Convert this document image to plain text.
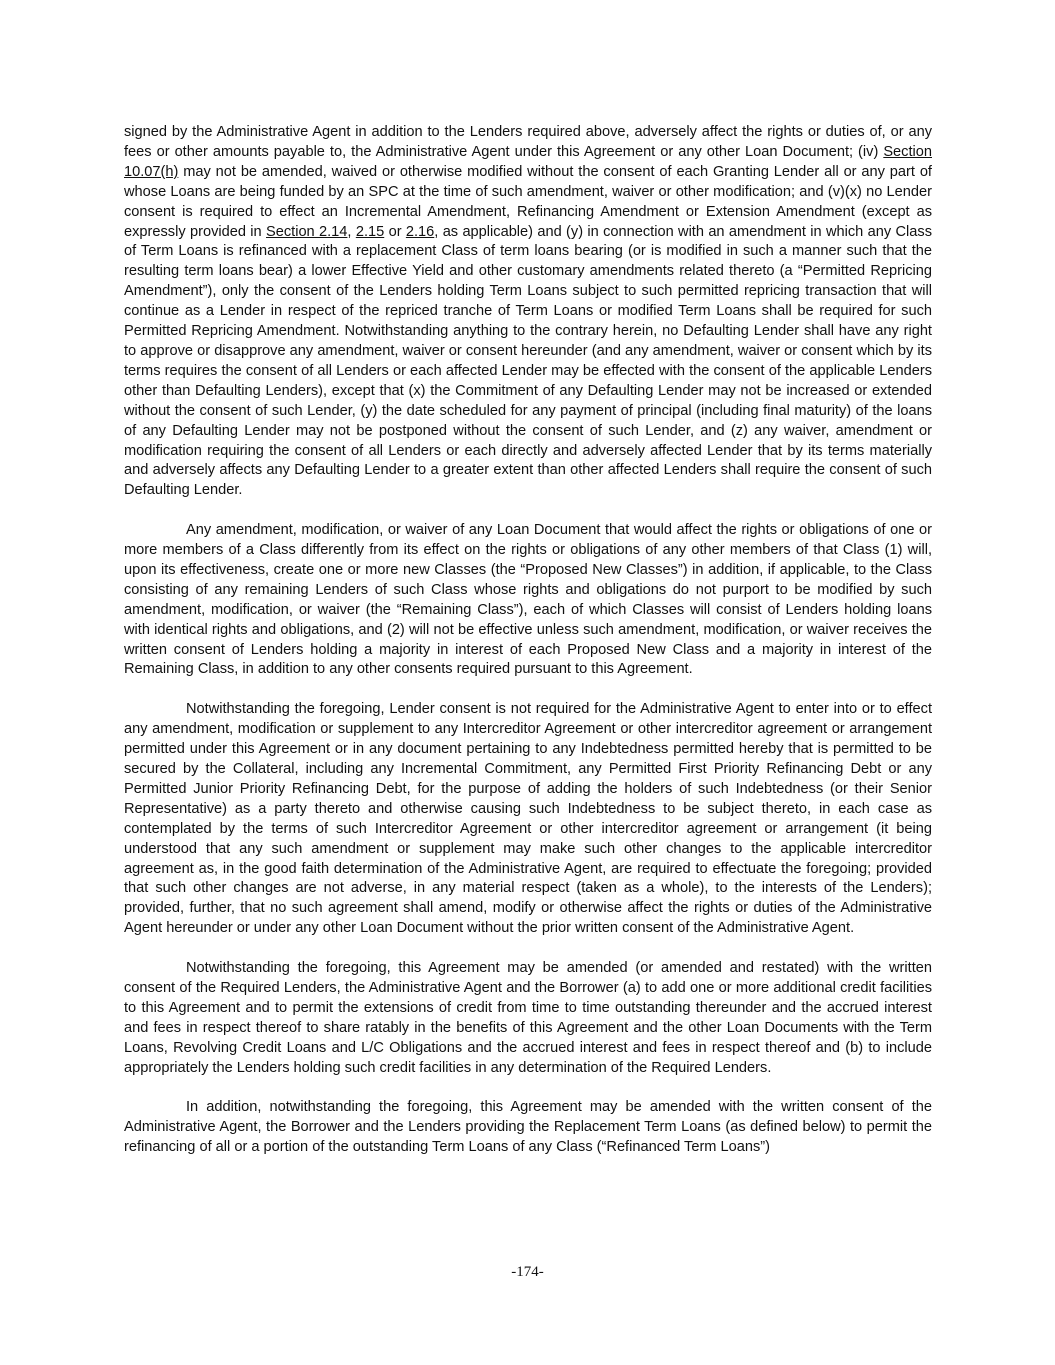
signed by the Administrative Agent in addition to the Lenders required above, adversely affect the rights or duties of, or any fees or other amounts payable to, the Administrative Agent under this Agreement or any other Loan Document; (iv) Section 10.07(h) may not be amended, waived or otherwise modified without the consent of each Granting Lender all or any part of whose Loans are being funded by an SPC at the time of such amendment, waiver or other modification; and (v)(x) no Lender consent is required to effect an Incremental Amendment, Refinancing Amendment or Extension Amendment (except as expressly provided in Section 2.14, 2.15 or 2.16, as applicable) and (y) in connection with an amendment in which any Class of Term Loans is refinanced with a replacement Class of term loans bearing (or is modified in such a manner such that the resulting term loans bear) a lower Effective Yield and other customary amendments related thereto (a “Permitted Repricing Amendment”), only the consent of the Lenders holding Term Loans subject to such permitted repricing transaction that will continue as a Lender in respect of the repriced tranche of Term Loans or modified Term Loans shall be required for such Permitted Repricing Amendment. Notwithstanding anything to the contrary herein, no Defaulting Lender shall have any right to approve or disapprove any amendment, waiver or consent hereunder (and any amendment, waiver or consent which by its terms requires the consent of all Lenders or each affected Lender may be effected with the consent of the applicable Lenders other than Defaulting Lenders), except that (x) the Commitment of any Defaulting Lender may not be increased or extended without the consent of such Lender, (y) the date scheduled for any payment of principal (including final maturity) of the loans of any Defaulting Lender may not be postponed without the consent of such Lender, and (z) any waiver, amendment or modification requiring the consent of all Lenders or each directly and adversely affected Lender that by its terms materially and adversely affects any Defaulting Lender to a greater extent than other affected Lenders shall require the consent of such Defaulting Lender.

Any amendment, modification, or waiver of any Loan Document that would affect the rights or obligations of one or more members of a Class differently from its effect on the rights or obligations of any other members of that Class (1) will, upon its effectiveness, create one or more new Classes (the “Proposed New Classes”) in addition, if applicable, to the Class consisting of any remaining Lenders of such Class whose rights and obligations do not purport to be modified by such amendment, modification, or waiver (the “Remaining Class”), each of which Classes will consist of Lenders holding loans with identical rights and obligations, and (2) will not be effective unless such amendment, modification, or waiver receives the written consent of Lenders holding a majority in interest of each Proposed New Class and a majority in interest of the Remaining Class, in addition to any other consents required pursuant to this Agreement.

Notwithstanding the foregoing, Lender consent is not required for the Administrative Agent to enter into or to effect any amendment, modification or supplement to any Intercreditor Agreement or other intercreditor agreement or arrangement permitted under this Agreement or in any document pertaining to any Indebtedness permitted hereby that is permitted to be secured by the Collateral, including any Incremental Commitment, any Permitted First Priority Refinancing Debt or any Permitted Junior Priority Refinancing Debt, for the purpose of adding the holders of such Indebtedness (or their Senior Representative) as a party thereto and otherwise causing such Indebtedness to be subject thereto, in each case as contemplated by the terms of such Intercreditor Agreement or other intercreditor agreement or arrangement (it being understood that any such amendment or supplement may make such other changes to the applicable intercreditor agreement as, in the good faith determination of the Administrative Agent, are required to effectuate the foregoing; provided that such other changes are not adverse, in any material respect (taken as a whole), to the interests of the Lenders); provided, further, that no such agreement shall amend, modify or otherwise affect the rights or duties of the Administrative Agent hereunder or under any other Loan Document without the prior written consent of the Administrative Agent.

Notwithstanding the foregoing, this Agreement may be amended (or amended and restated) with the written consent of the Required Lenders, the Administrative Agent and the Borrower (a) to add one or more additional credit facilities to this Agreement and to permit the extensions of credit from time to time outstanding thereunder and the accrued interest and fees in respect thereof to share ratably in the benefits of this Agreement and the other Loan Documents with the Term Loans, Revolving Credit Loans and L/C Obligations and the accrued interest and fees in respect thereof and (b) to include appropriately the Lenders holding such credit facilities in any determination of the Required Lenders.

In addition, notwithstanding the foregoing, this Agreement may be amended with the written consent of the Administrative Agent, the Borrower and the Lenders providing the Replacement Term Loans (as defined below) to permit the refinancing of all or a portion of the outstanding Term Loans of any Class (“Refinanced Term Loans”)

-174-
